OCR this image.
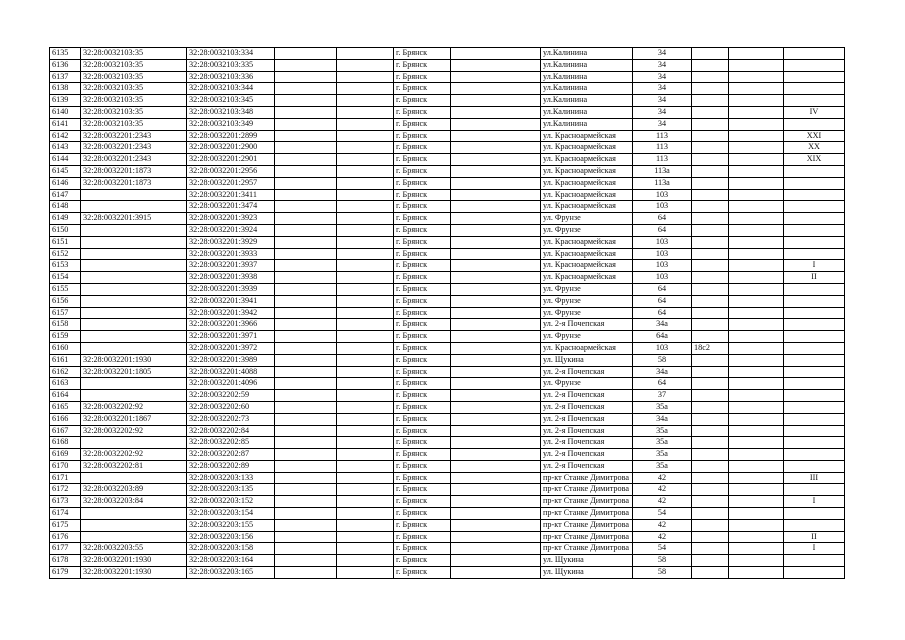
6135	32:28:0032103:35	32:28:0032103:334			г. Брянск		ул.Калинина	34			
6136	32:28:0032103:35	32:28:0032103:335			г. Брянск		ул.Калинина	34			
6137	32:28:0032103:35	32:28:0032103:336			г. Брянск		ул.Калинина	34			
6138	32:28:0032103:35	32:28:0032103:344			г. Брянск		ул.Калинина	34			
6139	32:28:0032103:35	32:28:0032103:345			г. Брянск		ул.Калинина	34			
6140	32:28:0032103:35	32:28:0032103:348			г. Брянск		ул.Калинина	34			IV
6141	32:28:0032103:35	32:28:0032103:349			г. Брянск		ул.Калинина	34			
6142	32:28:0032201:2343	32:28:0032201:2899			г. Брянск		ул. Красноармейская	113			XXI
6143	32:28:0032201:2343	32:28:0032201:2900			г. Брянск		ул. Красноармейская	113			XX
6144	32:28:0032201:2343	32:28:0032201:2901			г. Брянск		ул. Красноармейская	113			XIX
6145	32:28:0032201:1873	32:28:0032201:2956			г. Брянск		ул. Красноармейская	113а			
6146	32:28:0032201:1873	32:28:0032201:2957			г. Брянск		ул. Красноармейская	113а			
6147		32:28:0032201:3411			г. Брянск		ул. Красноармейская	103			
6148		32:28:0032201:3474			г. Брянск		ул. Красноармейская	103			
6149	32:28:0032201:3915	32:28:0032201:3923			г. Брянск		ул. Фрунзе	64			
6150		32:28:0032201:3924			г. Брянск		ул. Фрунзе	64			
6151		32:28:0032201:3929			г. Брянск		ул. Красноармейская	103			
6152		32:28:0032201:3933			г. Брянск		ул. Красноармейская	103			
6153		32:28:0032201:3937			г. Брянск		ул. Красноармейская	103			I
6154		32:28:0032201:3938			г. Брянск		ул. Красноармейская	103			II
6155		32:28:0032201:3939			г. Брянск		ул. Фрунзе	64			
6156		32:28:0032201:3941			г. Брянск		ул. Фрунзе	64			
6157		32:28:0032201:3942			г. Брянск		ул. Фрунзе	64			
6158		32:28:0032201:3966			г. Брянск		ул. 2-я Почепская	34а			
6159		32:28:0032201:3971			г. Брянск		ул. Фрунзе	64а			
6160		32:28:0032201:3972			г. Брянск		ул. Красноармейская	103	18с2		
6161	32:28:0032201:1930	32:28:0032201:3989			г. Брянск		ул. Щукина	58			
6162	32:28:0032201:1805	32:28:0032201:4088			г. Брянск		ул. 2-я Почепская	34а			
6163		32:28:0032201:4096			г. Брянск		ул. Фрунзе	64			
6164		32:28:0032202:59			г. Брянск		ул. 2-я Почепская	37			
6165	32:28:0032202:92	32:28:0032202:60			г. Брянск		ул. 2-я Почепская	35а			
6166	32:28:0032201:1867	32:28:0032202:73			г. Брянск		ул. 2-я Почепская	34а			
6167	32:28:0032202:92	32:28:0032202:84			г. Брянск		ул. 2-я Почепская	35а			
6168		32:28:0032202:85			г. Брянск		ул. 2-я Почепская	35а			
6169	32:28:0032202:92	32:28:0032202:87			г. Брянск		ул. 2-я Почепская	35а			
6170	32:28:0032202:81	32:28:0032202:89			г. Брянск		ул. 2-я Почепская	35а			
6171		32:28:0032203:133			г. Брянск		пр-кт Станке Димитрова	42			III
6172	32:28:0032203:89	32:28:0032203:135			г. Брянск		пр-кт Станке Димитрова	42			
6173	32:28:0032203:84	32:28:0032203:152			г. Брянск		пр-кт Станке Димитрова	42			I
6174		32:28:0032203:154			г. Брянск		пр-кт Станке Димитрова	54			
6175		32:28:0032203:155			г. Брянск		пр-кт Станке Димитрова	42			
6176		32:28:0032203:156			г. Брянск		пр-кт Станке Димитрова	42			II
6177	32:28:0032203:55	32:28:0032203:158			г. Брянск		пр-кт Станке Димитрова	54			I
6178	32:28:0032201:1930	32:28:0032203:164			г. Брянск		ул. Щукина	58			
6179	32:28:0032201:1930	32:28:0032203:165			г. Брянск		ул. Щукина	58			
